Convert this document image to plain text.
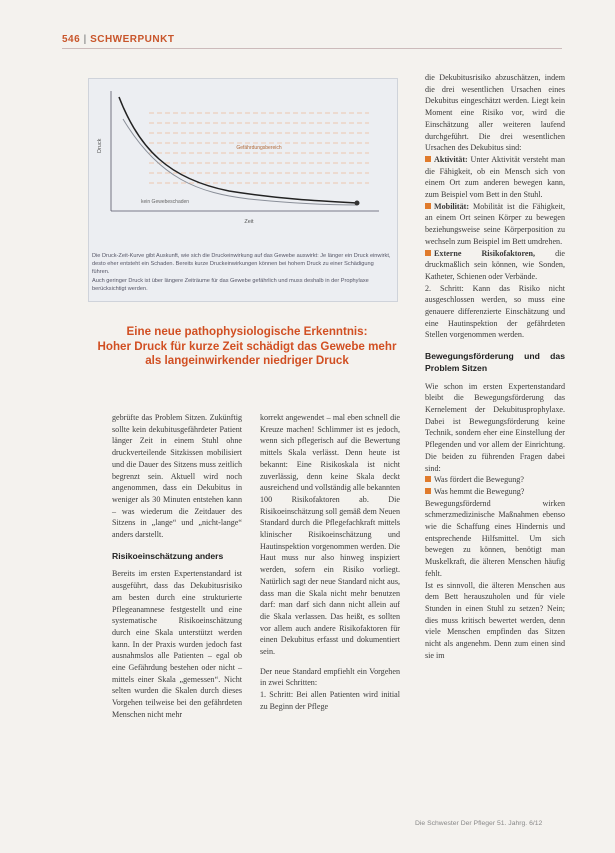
546 | SCHWERPUNKT
Druck
Zeit
Gefährdungsbereich
kein Gewebeschaden

Die Druck-Zeit-Kurve gibt Auskunft, wie sich die Druckeinwirkung auf das Gewebe auswirkt: Je länger ein Druck einwirkt, desto eher entsteht ein Schaden. Bereits kurze Druckeinwirkungen können bei hohem Druck zu einer Schädigung führen.

Auch geringer Druck ist über längere Zeiträume für das Gewebe gefährlich und muss deshalb in der Prophylaxe berücksichtigt werden.

Eine neue pathophysiologische Erkenntnis:
Hoher Druck für kurze Zeit schädigt das Gewebe mehr
als langeinwirkender niedriger Druck

gebrüfte das Problem Sitzen. Zukünftig sollte kein dekubitusgefährdeter Patient länger Zeit in einem Stuhl ohne druckverteilende Sitzkissen mobilisiert und die Dauer des Sitzens muss zeitlich begrenzt sein. Aktuell wird noch angenommen, dass ein Dekubitus in weniger als 30 Minuten entstehen kann – was wiederum die Zeitdauer des Sitzens in „lange“ und „nicht-lange“ anders darstellt.

Risikoeinschätzung anders

Bereits im ersten Expertenstandard ist ausgeführt, dass das Dekubitusrisiko am besten durch eine strukturierte Pflegeanamnese festgestellt und eine systematische Risikoeinschätzung durch eine Skala unterstützt werden kann. In der Praxis wurden jedoch fast ausnahmslos alle Patienten – egal ob eine Gefährdung bestehen oder nicht – mittels einer Skala „gemessen“. Nicht selten wurden die Skalen durch dieses Vorgehen teilweise bei den gefährdeten Menschen nicht mehr

korrekt angewendet – mal eben schnell die Kreuze machen! Schlimmer ist es jedoch, wenn sich pflegerisch auf die Bewertung mittels Skala verlässt. Denn heute ist bekannt: Eine Risikoskala ist nicht zuverlässig, denn keine Skala deckt ausreichend und vollständig alle bekannten 100 Risikofaktoren ab. Die Risikoeinschätzung soll gemäß dem Neuen Standard durch die Pflegefachkraft mittels klinischer Risikoeinschätzung und Hautinspektion vorgenommen werden. Die Haut muss nur also hinweg inspiziert werden, sofern ein Risiko vorliegt. Natürlich sagt der neue Standard nicht aus, dass man die Skala nicht mehr benutzen darf: man darf sich dann nicht allein auf die Skala verlassen. Das heißt, es sollten vor allem auch andere Risikofaktoren für einen Dekubitus erfasst und dokumentiert sein.

Der neue Standard empfiehlt ein Vorgehen in zwei Schritten:

1. Schritt: Bei allen Patienten wird initial zu Beginn der Pflege

die Dekubitusrisiko abzuschätzen, indem die drei wesentlichen Ursachen eines Dekubitus eingeschätzt werden. Liegt kein Moment eine Risiko vor, wird die Einschätzung aller weiteren laufend durchgeführt. Die drei wesentlichen Ursachen des Dekubitus sind:

Aktivität: Unter Aktivität versteht man die Fähigkeit, ob ein Mensch sich von einem Ort zum anderen bewegen kann, zum Beispiel vom Bett in den Stuhl.

Mobilität: Mobilität ist die Fähigkeit, an einem Ort seinen Körper zu bewegen beziehungsweise seine Körperposition zu wechseln zum Beispiel im Bett umdrehen.

Externe Risikofaktoren, die druckmaßlich sein können, wie Sonden, Katheter, Schienen oder Verbände.

2. Schritt: Kann das Risiko nicht ausgeschlossen werden, so muss eine genauere differenzierte Einschätzung und eine Hautinspektion der gefährdeten Stellen vorgenommen werden.

Bewegungsförderung und das Problem Sitzen

Wie schon im ersten Expertenstandard bleibt die Bewegungsförderung das Kernelement der Dekubitusprophylaxe. Dabei ist Bewegungsförderung keine Technik, sondern eher eine Einstellung der Pflegenden und vor allem der Einrichtung. Die beiden zu führenden Fragen dabei sind:

Was fördert die Bewegung?

Was hemmt die Bewegung?

Bewegungsfördernd wirken schmerzmedizinische Maßnahmen ebenso wie die Schaffung eines Hindernis und entsprechende Hilfsmittel. Um sich bewegen zu können, benötigt man Muskelkraft, die älteren Menschen häufig fehlt.

Ist es sinnvoll, die älteren Menschen aus dem Bett herauszuholen und für viele Stunden in einen Stuhl zu setzen? Nein; dies muss kritisch bewertet werden, denn viele Menschen empfinden das Sitzen nicht als angenehm. Denn zum einen sind sie im

Die Schwester Der Pfleger 51. Jahrg. 6/12
